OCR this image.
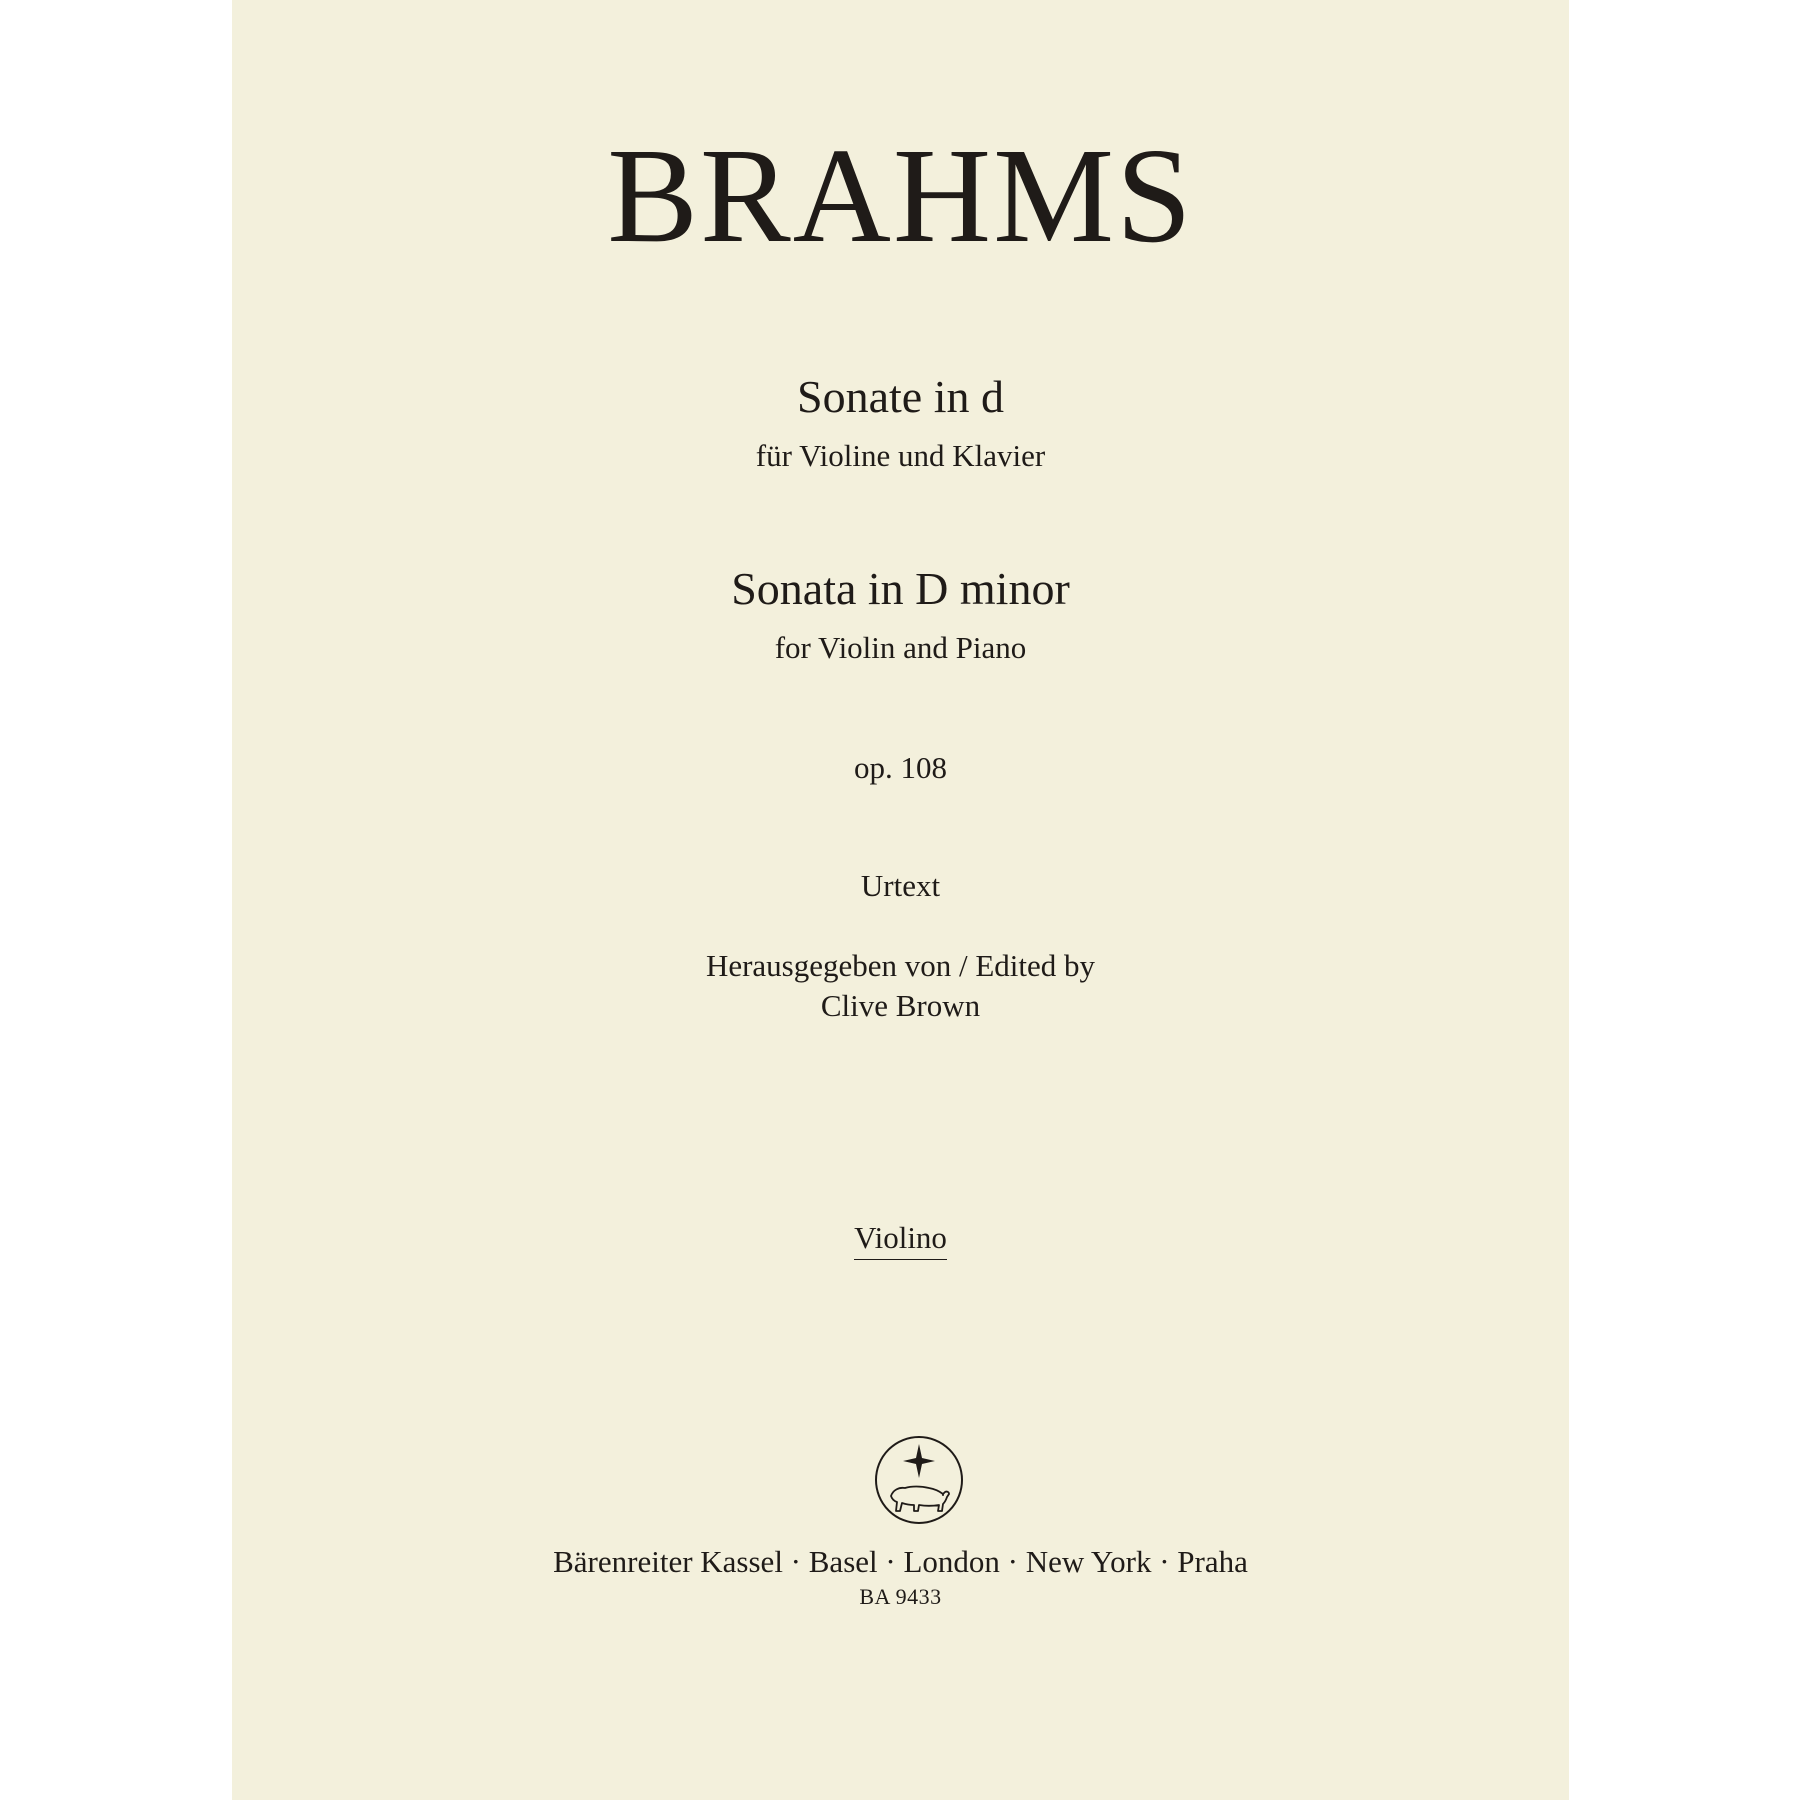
BRAHMS
Sonate in d
für Violine und Klavier
Sonata in D minor
for Violin and Piano
op. 108
Urtext
Herausgegeben von / Edited by
Clive Brown
Violino
Bärenreiter Kassel · Basel · London · New York · Praha
BA 9433
